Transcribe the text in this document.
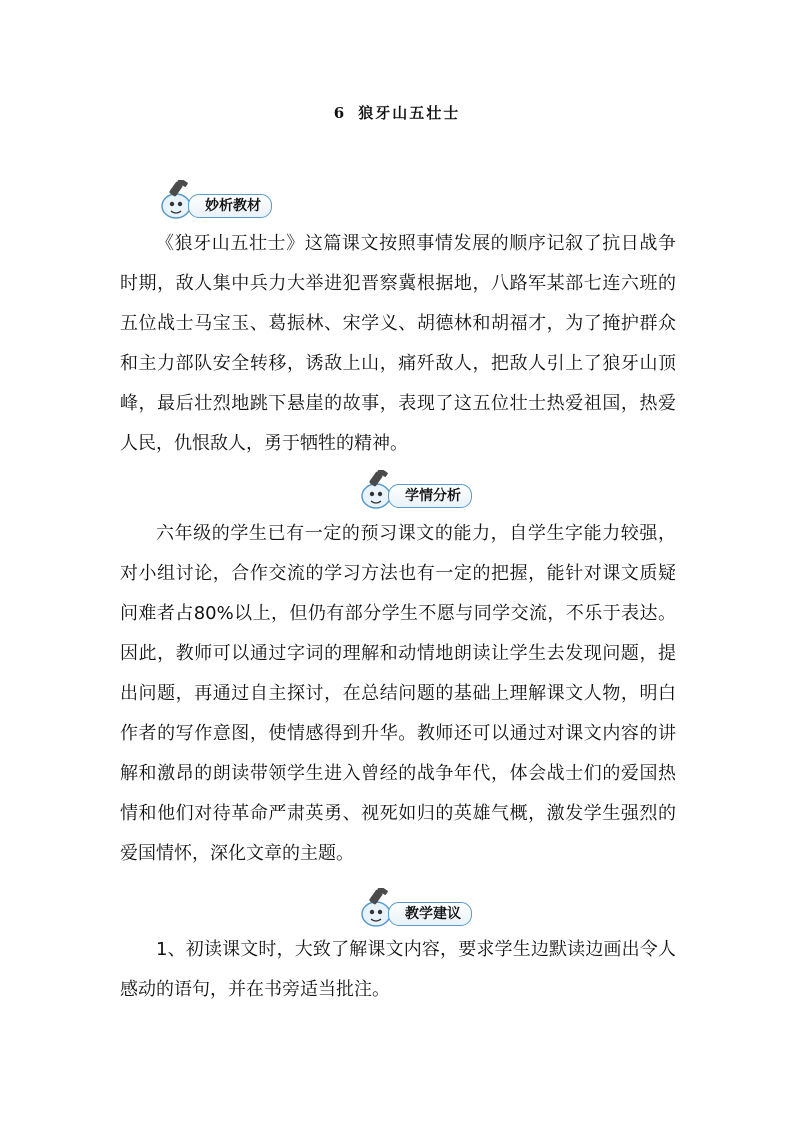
6 狼牙山五壮士
妙析教材

《狼牙山五壮士》这篇课文按照事情发展的顺序记叙了抗日战争时期，敌人集中兵力大举进犯晋察冀根据地，八路军某部七连六班的五位战士马宝玉、葛振林、宋学义、胡德林和胡福才，为了掩护群众和主力部队安全转移，诱敌上山，痛歼敌人，把敌人引上了狼牙山顶峰，最后壮烈地跳下悬崖的故事，表现了这五位壮士热爱祖国，热爱人民，仇恨敌人，勇于牺牲的精神。

学情分析

六年级的学生已有一定的预习课文的能力，自学生字能力较强，对小组讨论，合作交流的学习方法也有一定的把握，能针对课文质疑问难者占80%以上，但仍有部分学生不愿与同学交流，不乐于表达。因此，教师可以通过字词的理解和动情地朗读让学生去发现问题，提出问题，再通过自主探讨，在总结问题的基础上理解课文人物，明白作者的写作意图，使情感得到升华。教师还可以通过对课文内容的讲解和激昂的朗读带领学生进入曾经的战争年代，体会战士们的爱国热情和他们对待革命严肃英勇、视死如归的英雄气概，激发学生强烈的爱国情怀，深化文章的主题。

教学建议

1、初读课文时，大致了解课文内容，要求学生边默读边画出令人感动的语句，并在书旁适当批注。
